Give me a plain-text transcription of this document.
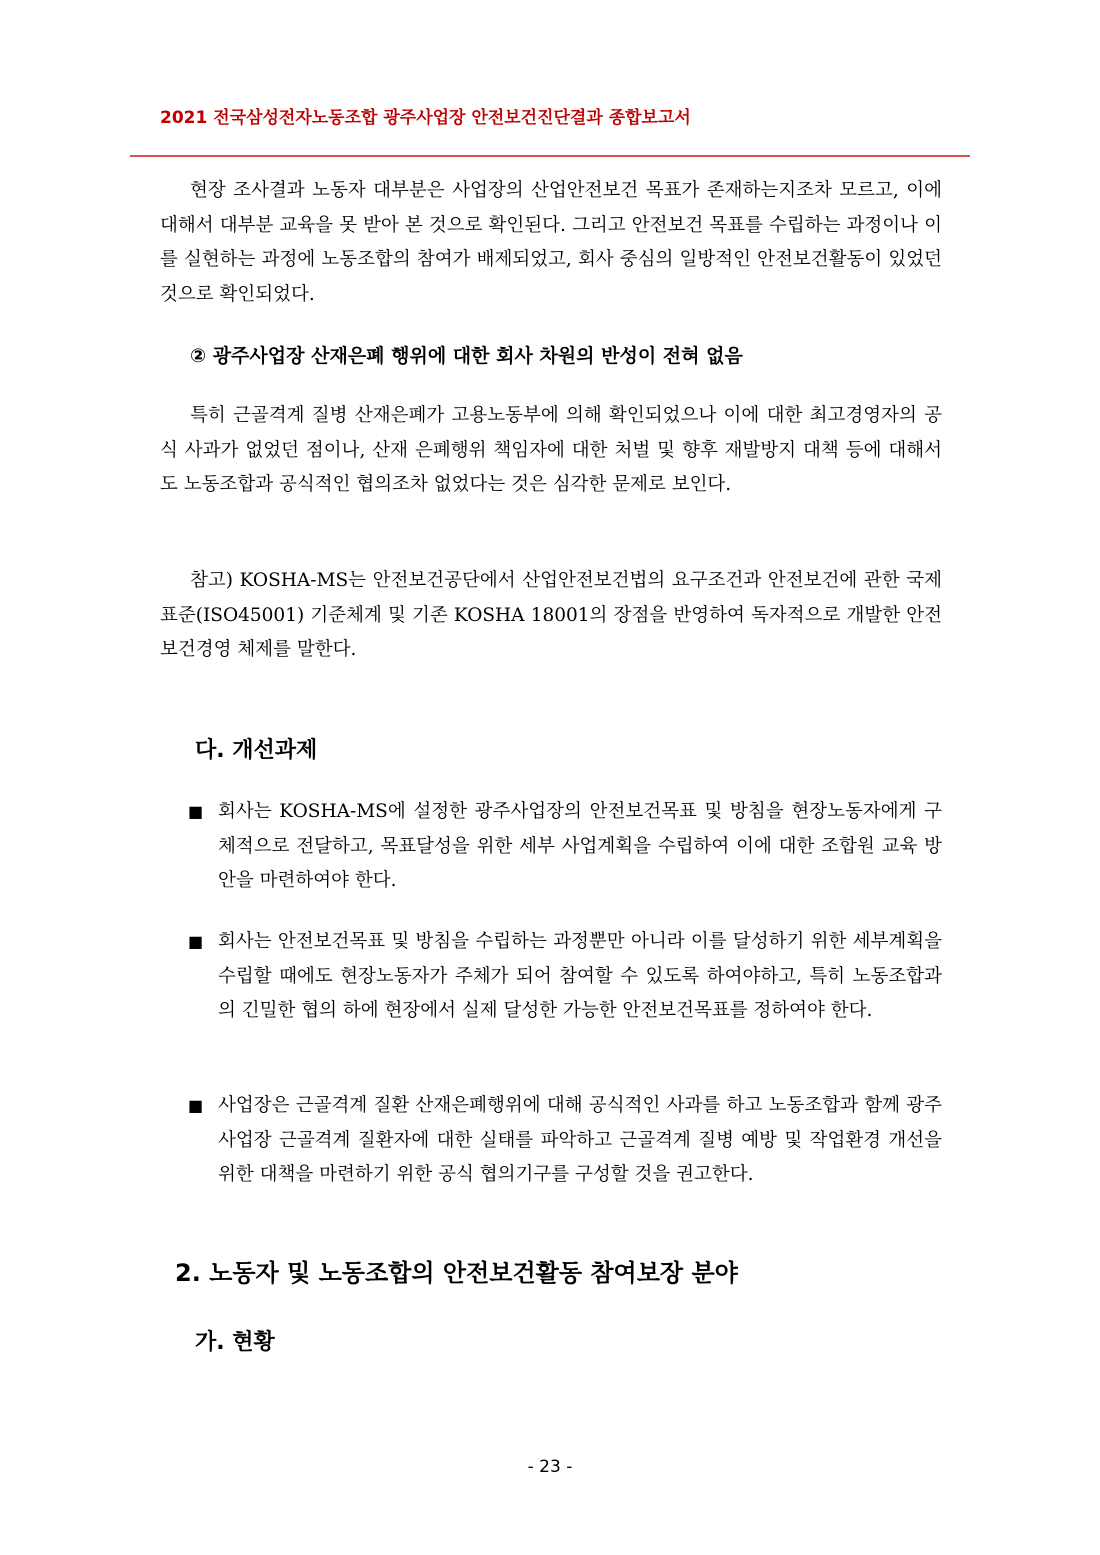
2021 전국삼성전자노동조합 광주사업장 안전보건진단결과 종합보고서

현장 조사결과 노동자 대부분은 사업장의 산업안전보건 목표가 존재하는지조차 모르고, 이에 대해서 대부분 교육을 못 받아 본 것으로 확인된다. 그리고 안전보건 목표를 수립하는 과정이나 이를 실현하는 과정에 노동조합의 참여가 배제되었고, 회사 중심의 일방적인 안전보건활동이 있었던 것으로 확인되었다.

② 광주사업장 산재은폐 행위에 대한 회사 차원의 반성이 전혀 없음

특히 근골격계 질병 산재은폐가 고용노동부에 의해 확인되었으나 이에 대한 최고경영자의 공식 사과가 없었던 점이나, 산재 은폐행위 책임자에 대한 처벌 및 향후 재발방지 대책 등에 대해서도 노동조합과 공식적인 협의조차 없었다는 것은 심각한 문제로 보인다.

참고) KOSHA-MS는 안전보건공단에서 산업안전보건법의 요구조건과 안전보건에 관한 국제표준(ISO45001) 기준체계 및 기존 KOSHA 18001의 장점을 반영하여 독자적으로 개발한 안전보건경영 체제를 말한다.

다. 개선과제
■ 회사는 KOSHA-MS에 설정한 광주사업장의 안전보건목표 및 방침을 현장노동자에게 구체적으로 전달하고, 목표달성을 위한 세부 사업계획을 수립하여 이에 대한 조합원 교육 방안을 마련하여야 한다.
■ 회사는 안전보건목표 및 방침을 수립하는 과정뿐만 아니라 이를 달성하기 위한 세부계획을 수립할 때에도 현장노동자가 주체가 되어 참여할 수 있도록 하여야하고, 특히 노동조합과의 긴밀한 협의 하에 현장에서 실제 달성한 가능한 안전보건목표를 정하여야 한다.
■ 사업장은 근골격계 질환 산재은폐행위에 대해 공식적인 사과를 하고 노동조합과 함께 광주사업장 근골격계 질환자에 대한 실태를 파악하고 근골격계 질병 예방 및 작업환경 개선을 위한 대책을 마련하기 위한 공식 협의기구를 구성할 것을 권고한다.
2. 노동자 및 노동조합의 안전보건활동 참여보장 분야
가. 현황
- 23 -
